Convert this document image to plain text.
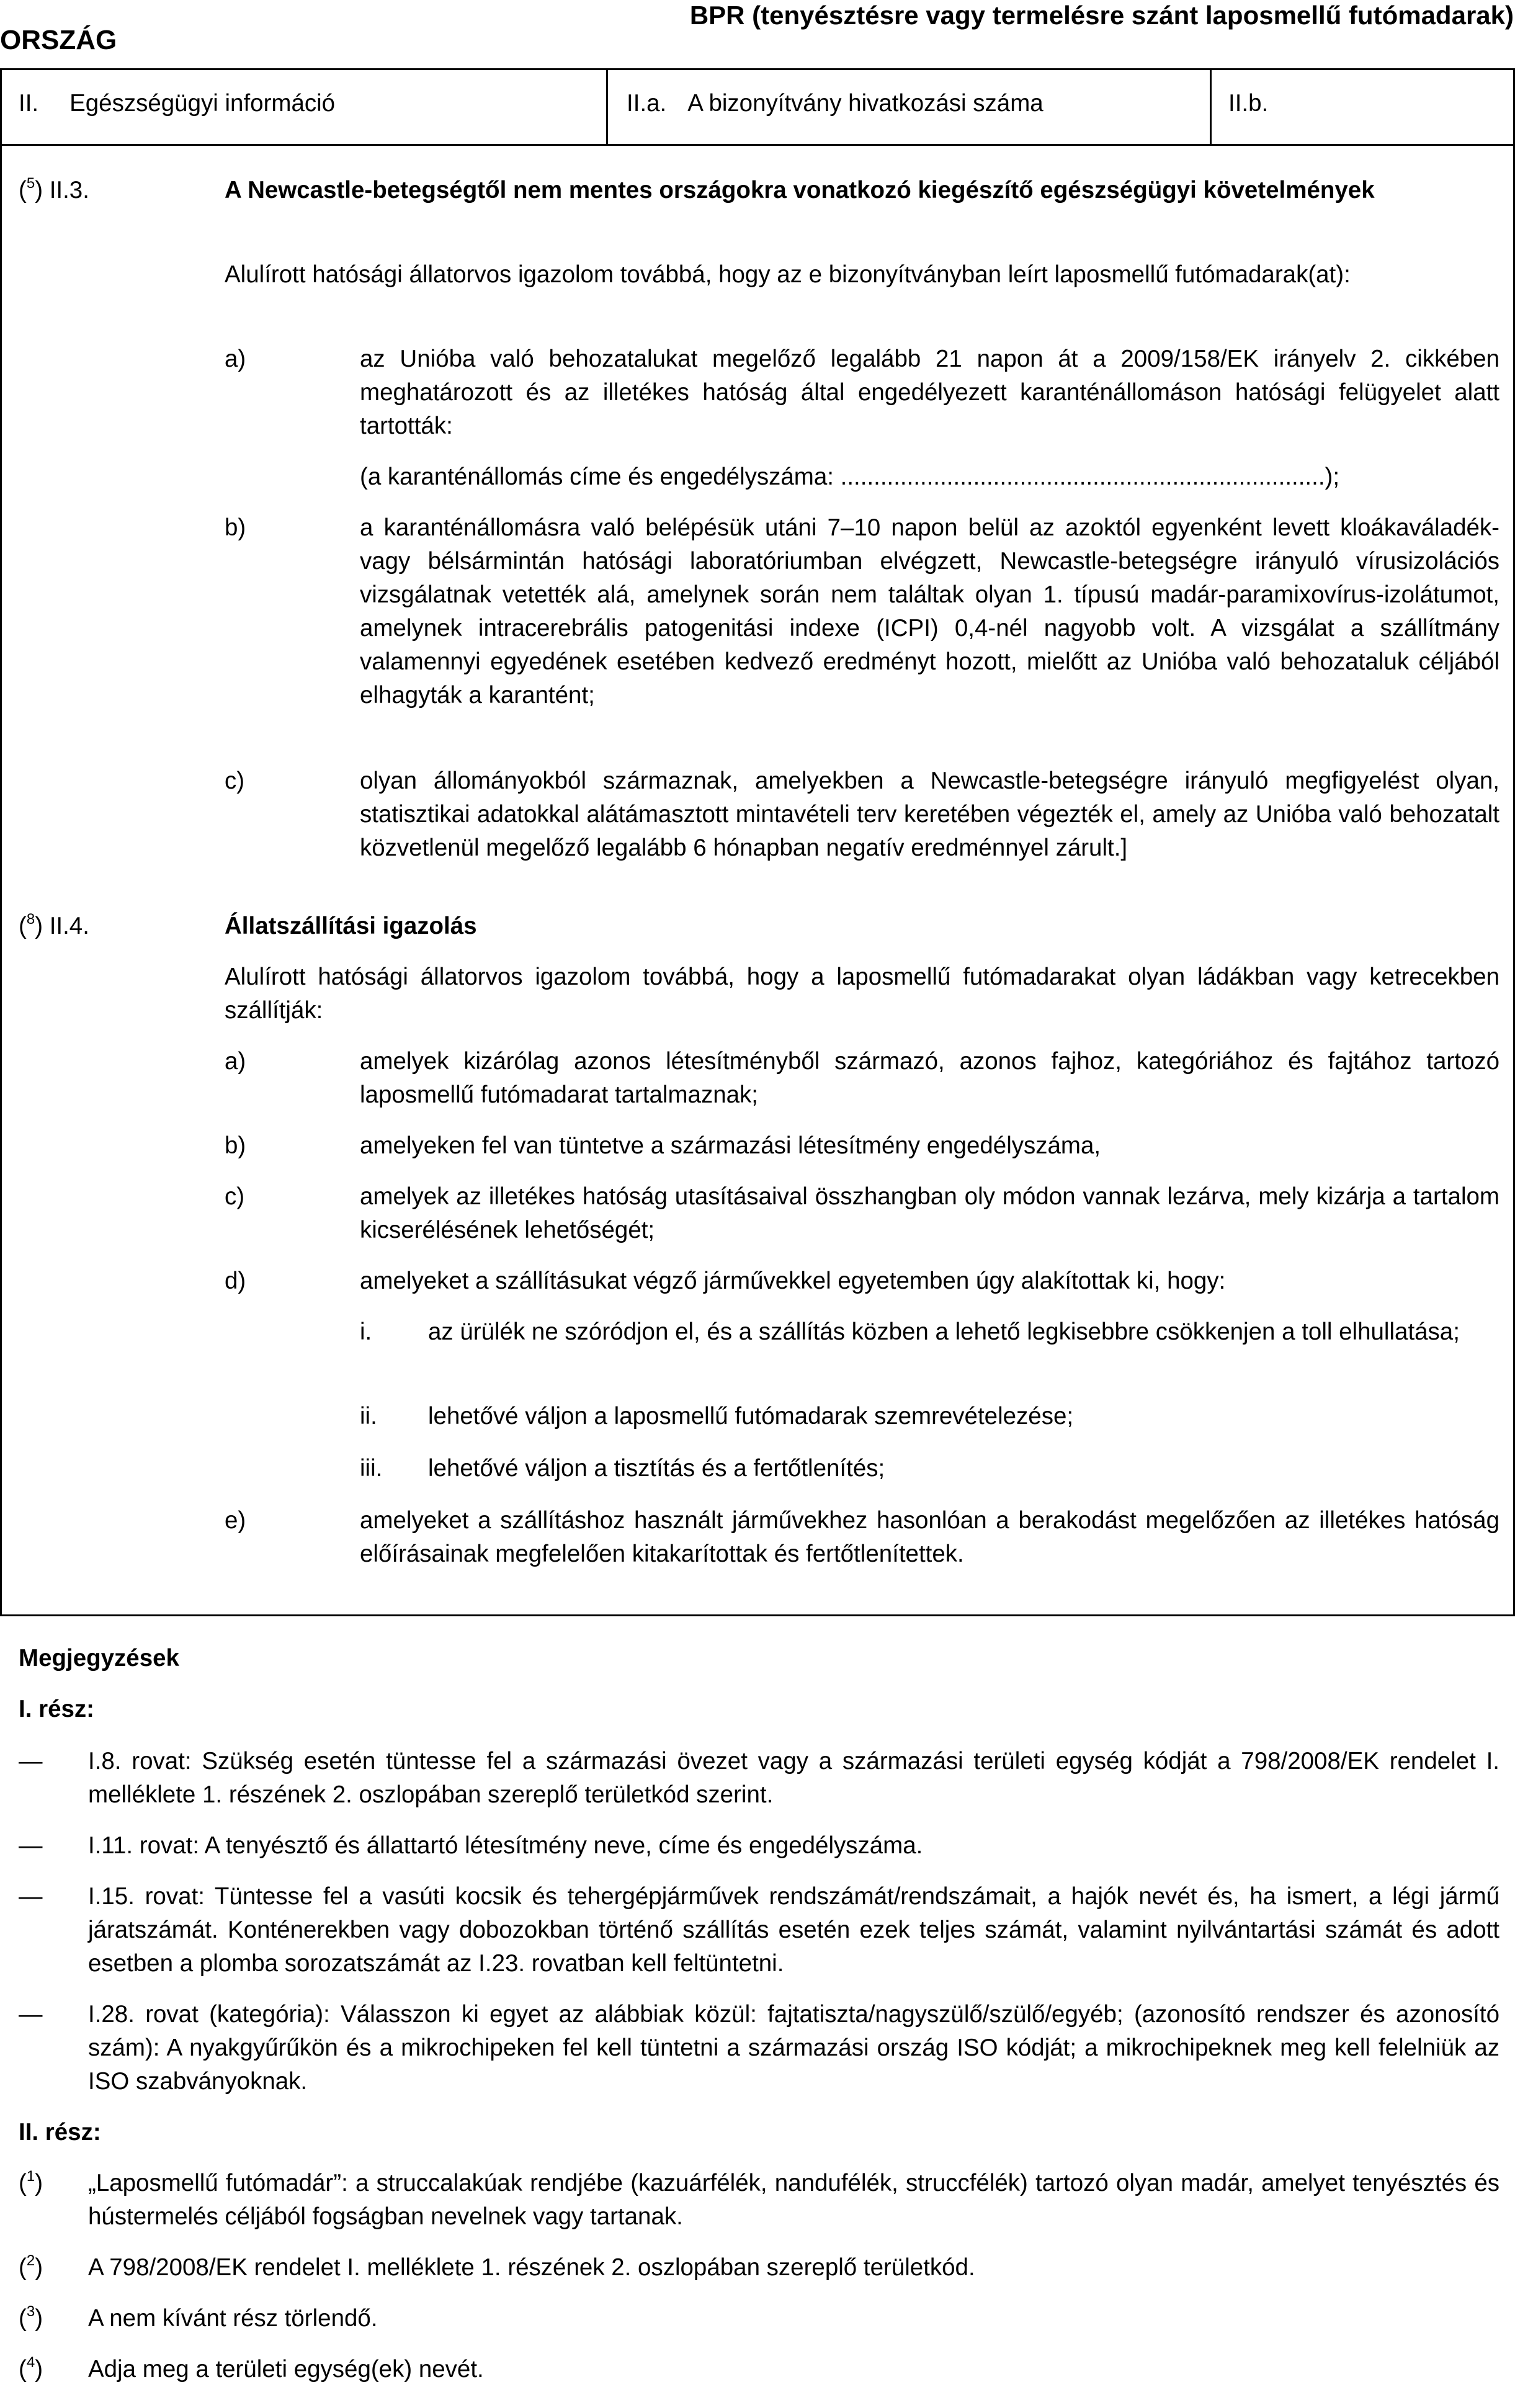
ORSZÁG
BPR (tenyésztésre vagy termelésre szánt laposmellű futómadarak)
II. Egészségügyi információ	II.a. A bizonyítvány hivatkozási száma	II.b.
($^5$) II.3.	A Newcastle-betegségtől nem mentes országokra vonatkozó kiegészítő egészségügyi követelmények
Alulírott hatósági állatorvos igazolom továbbá, hogy az e bizonyítványban leírt laposmellű futómadarak(at):
a)	az Unióba való behozatalukat megelőző legalább 21 napon át a 2009/158/EK irányelv 2. cikkében meghatározott és az illetékes hatóság által engedélyezett karanténállomáson hatósági felügyelet alatt tartották:
(a karanténállomás címe és engedélyszáma: .........................................................................);
b)	a karanténállomásra való belépésük utáni 7–10 napon belül az azoktól egyenként levett kloákaváladék- vagy bélsármintán hatósági laboratóriumban elvégzett, Newcastle-betegségre irányuló vírusizolációs vizsgálatnak vetették alá, amelynek során nem találtak olyan 1. típusú madár-paramixovírus-izolátumot, amelynek intracerebrális patogenitási indexe (ICPI) 0,4-nél nagyobb volt. A vizsgálat a szállítmány valamennyi egyedének esetében kedvező eredményt hozott, mielőtt az Unióba való behozataluk céljából elhagyták a karantént;
c)	olyan állományokból származnak, amelyekben a Newcastle-betegségre irányuló megfigyelést olyan, statisztikai adatokkal alátámasztott mintavételi terv keretében végezték el, amely az Unióba való behozatalt közvetlenül megelőző legalább 6 hónapban negatív eredménnyel zárult.]
($^8$) II.4.	Állatszállítási igazolás
Alulírott hatósági állatorvos igazolom továbbá, hogy a laposmellű futómadarakat olyan ládákban vagy ketrecekben szállítják:
a)	amelyek kizárólag azonos létesítményből származó, azonos fajhoz, kategóriához és fajtához tartozó laposmellű futómadarat tartalmaznak;
b)	amelyeken fel van tüntetve a származási létesítmény engedélyszáma,
c)	amelyek az illetékes hatóság utasításaival összhangban oly módon vannak lezárva, mely kizárja a tartalom kicserélésének lehetőségét;
d)	amelyeket a szállításukat végző járművekkel egyetemben úgy alakítottak ki, hogy:
i. az ürülék ne szóródjon el, és a szállítás közben a lehető legkisebbre csökkenjen a toll elhullatása;
ii. lehetővé váljon a laposmellű futómadarak szemrevételezése;
iii. lehetővé váljon a tisztítás és a fertőtlenítés;
e)	amelyeket a szállításhoz használt járművekhez hasonlóan a berakodást megelőzően az illetékes hatóság előírásainak megfelelően kitakarítottak és fertőtlenítettek.
Megjegyzések
I. rész:
— I.8. rovat: Szükség esetén tüntesse fel a származási övezet vagy a származási területi egység kódját a 798/2008/EK rendelet I. melléklete 1. részének 2. oszlopában szereplő területkód szerint.
— I.11. rovat: A tenyésztő és állattartó létesítmény neve, címe és engedélyszáma.
— I.15. rovat: Tüntesse fel a vasúti kocsik és tehergépjárművek rendszámát/rendszámait, a hajók nevét és, ha ismert, a légi jármű járatszámát. Konténerekben vagy dobozokban történő szállítás esetén ezek teljes számát, valamint nyilvántartási számát és adott esetben a plomba sorozatszámát az I.23. rovatban kell feltüntetni.
— I.28. rovat (kategória): Válasszon ki egyet az alábbiak közül: fajtatiszta/nagyszülő/szülő/egyéb; (azonosító rendszer és azonosító szám): A nyakgyűrűkön és a mikrochipeken fel kell tüntetni a származási ország ISO kódját; a mikrochipeknek meg kell felelniük az ISO szabványoknak.
II. rész:
($^1$) „Laposmellű futómadár”: a struccalakúak rendjébe (kazuárfélék, nandufélék, struccfélék) tartozó olyan madár, amelyet tenyésztés és hústermelés céljából fogságban nevelnek vagy tartanak.
($^2$) A 798/2008/EK rendelet I. melléklete 1. részének 2. oszlopában szereplő területkód.
($^3$) A nem kívánt rész törlendő.
($^4$) Adja meg a területi egység(ek) nevét.
